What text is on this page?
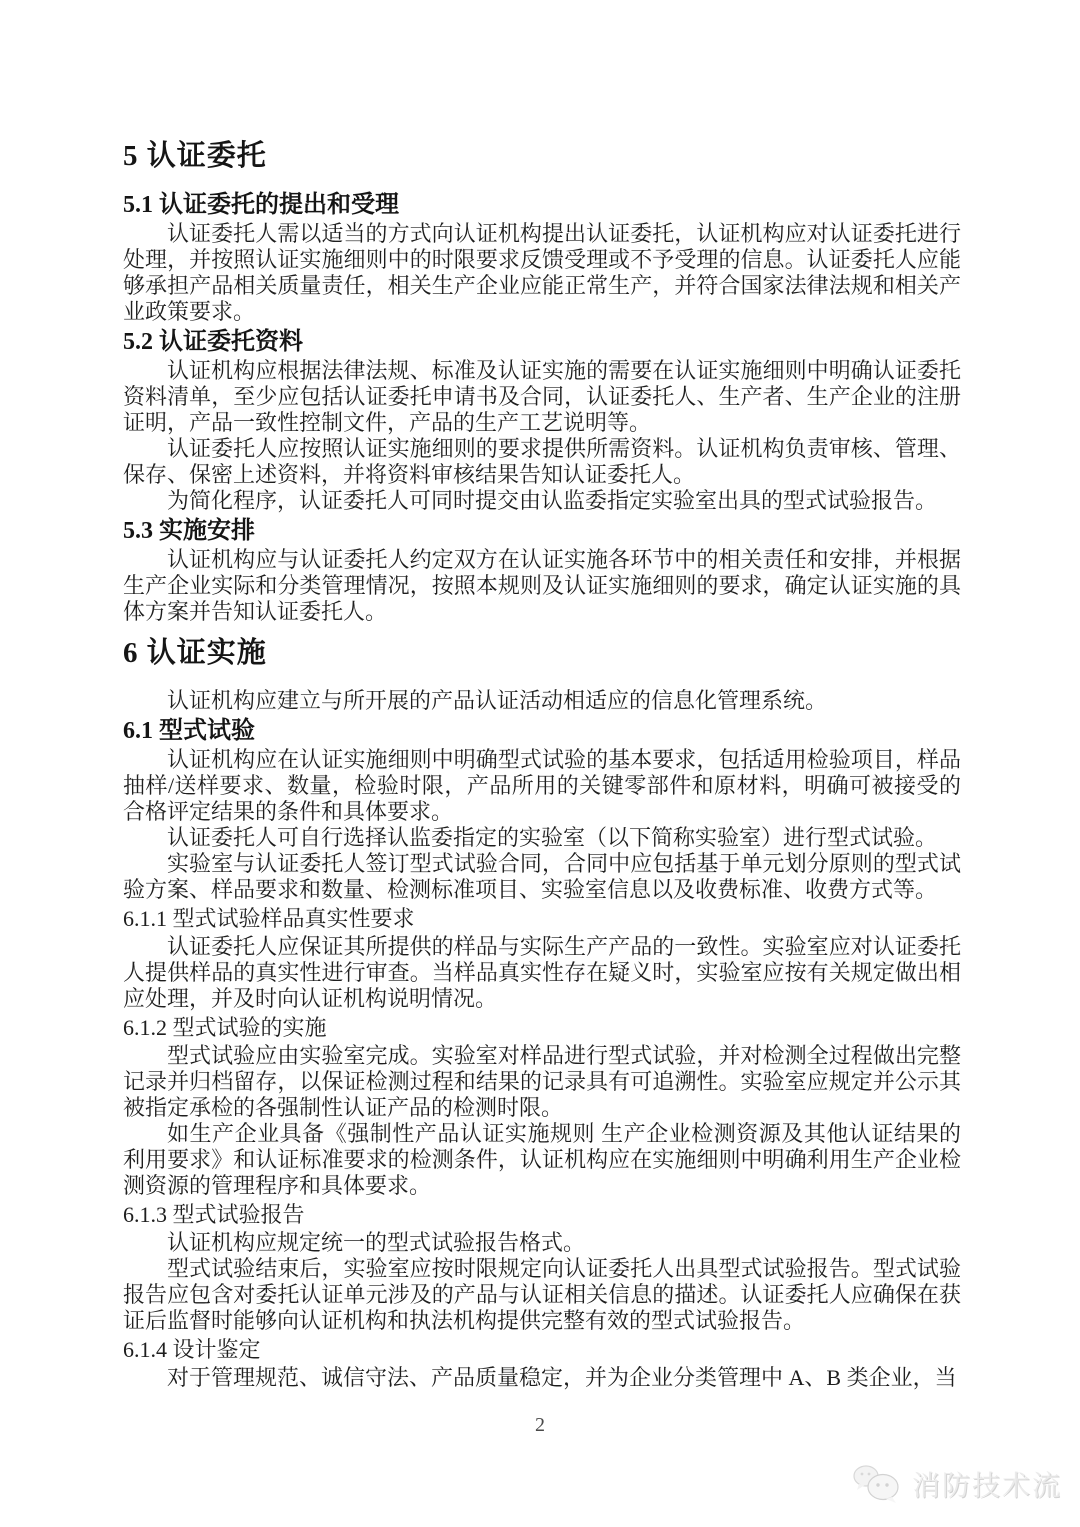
5 认证委托
5.1 认证委托的提出和受理
认证委托人需以适当的方式向认证机构提出认证委托，认证机构应对认证委托进行处理，并按照认证实施细则中的时限要求反馈受理或不予受理的信息。认证委托人应能够承担产品相关质量责任，相关生产企业应能正常生产，并符合国家法律法规和相关产业政策要求。
5.2 认证委托资料
认证机构应根据法律法规、标准及认证实施的需要在认证实施细则中明确认证委托资料清单，至少应包括认证委托申请书及合同，认证委托人、生产者、生产企业的注册证明，产品一致性控制文件，产品的生产工艺说明等。
认证委托人应按照认证实施细则的要求提供所需资料。认证机构负责审核、管理、保存、保密上述资料，并将资料审核结果告知认证委托人。
为简化程序，认证委托人可同时提交由认监委指定实验室出具的型式试验报告。
5.3 实施安排
认证机构应与认证委托人约定双方在认证实施各环节中的相关责任和安排，并根据生产企业实际和分类管理情况，按照本规则及认证实施细则的要求，确定认证实施的具体方案并告知认证委托人。
6 认证实施
认证机构应建立与所开展的产品认证活动相适应的信息化管理系统。
6.1 型式试验
认证机构应在认证实施细则中明确型式试验的基本要求，包括适用检验项目，样品抽样/送样要求、数量，检验时限，产品所用的关键零部件和原材料，明确可被接受的合格评定结果的条件和具体要求。
认证委托人可自行选择认监委指定的实验室（以下简称实验室）进行型式试验。
实验室与认证委托人签订型式试验合同，合同中应包括基于单元划分原则的型式试验方案、样品要求和数量、检测标准项目、实验室信息以及收费标准、收费方式等。
6.1.1 型式试验样品真实性要求
认证委托人应保证其所提供的样品与实际生产产品的一致性。实验室应对认证委托人提供样品的真实性进行审查。当样品真实性存在疑义时，实验室应按有关规定做出相应处理，并及时向认证机构说明情况。
6.1.2 型式试验的实施
型式试验应由实验室完成。实验室对样品进行型式试验，并对检测全过程做出完整记录并归档留存，以保证检测过程和结果的记录具有可追溯性。实验室应规定并公示其被指定承检的各强制性认证产品的检测时限。
如生产企业具备《强制性产品认证实施规则 生产企业检测资源及其他认证结果的利用要求》和认证标准要求的检测条件，认证机构应在实施细则中明确利用生产企业检测资源的管理程序和具体要求。
6.1.3 型式试验报告
认证机构应规定统一的型式试验报告格式。
型式试验结束后，实验室应按时限规定向认证委托人出具型式试验报告。型式试验报告应包含对委托认证单元涉及的产品与认证相关信息的描述。认证委托人应确保在获证后监督时能够向认证机构和执法机构提供完整有效的型式试验报告。
6.1.4 设计鉴定
对于管理规范、诚信守法、产品质量稳定，并为企业分类管理中 A、B 类企业，当
2
消防技术流
